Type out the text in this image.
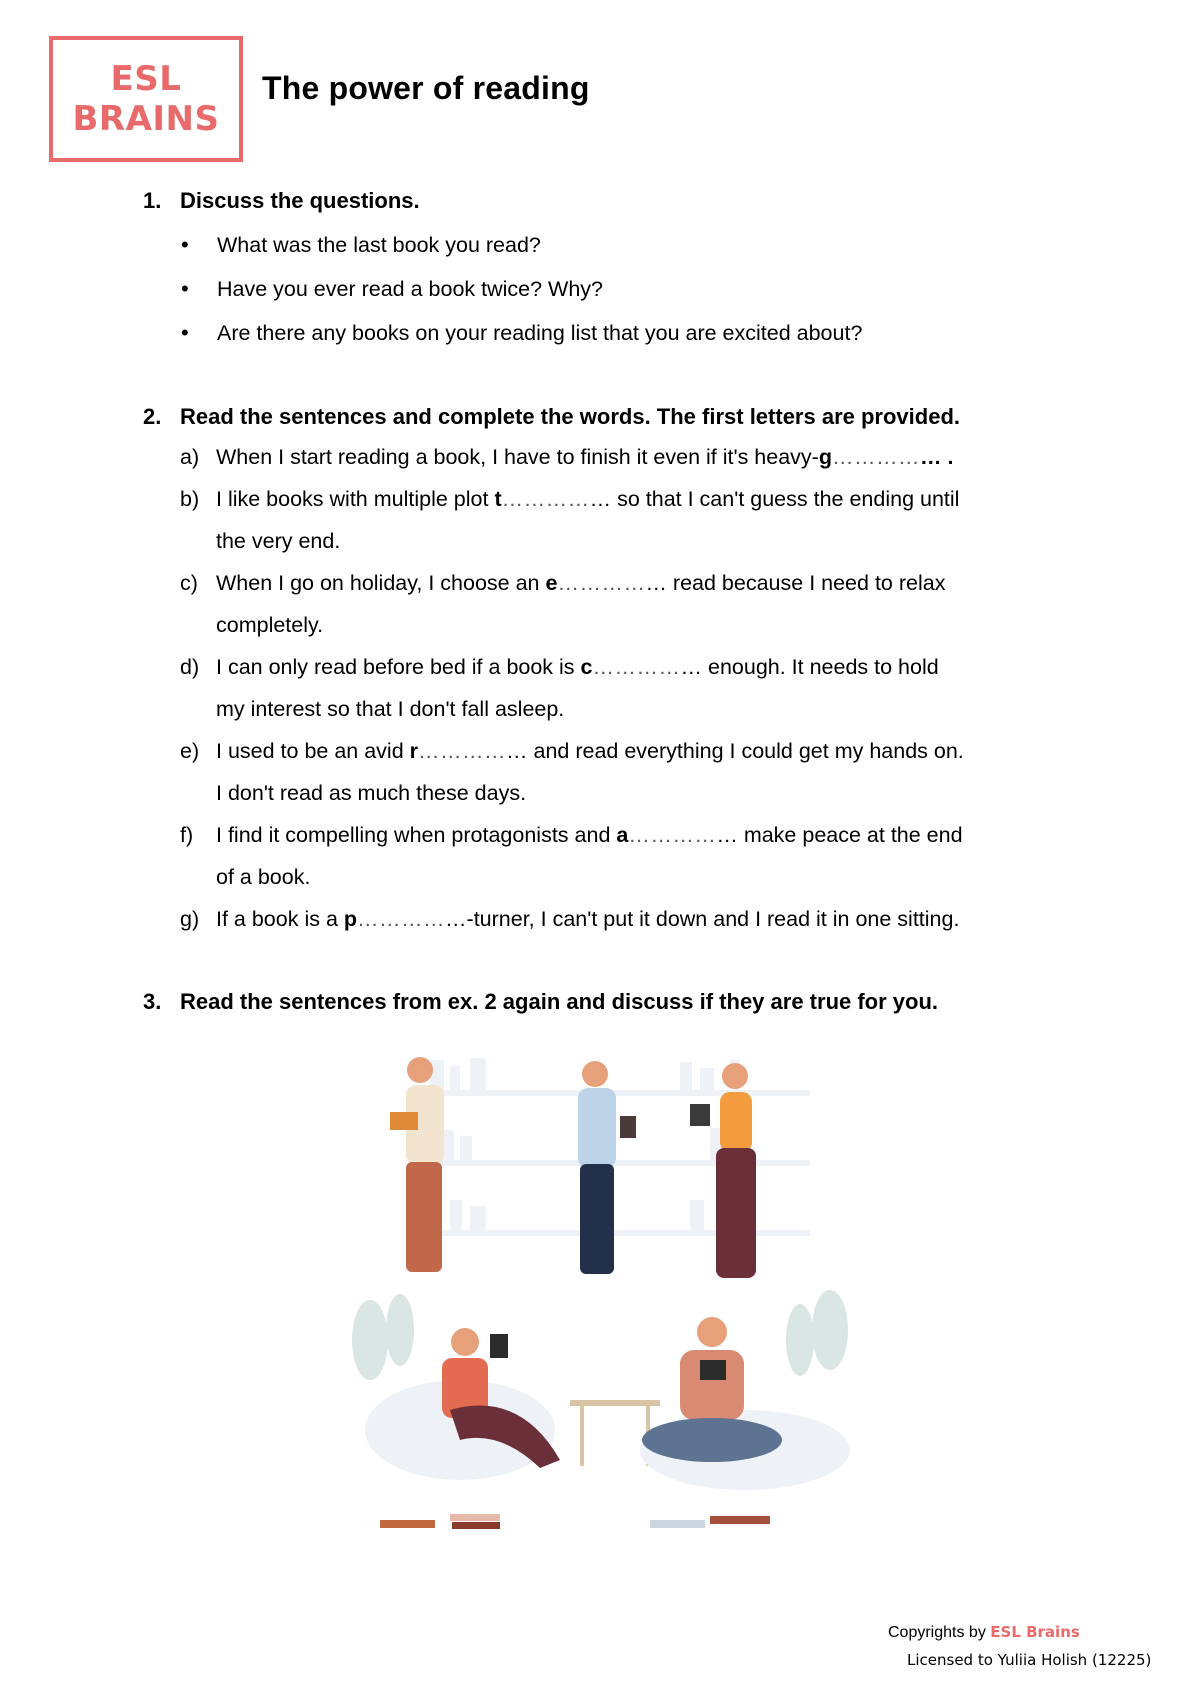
ESL
BRAINS
The power of reading
1. Discuss the questions.
• What was the last book you read?
• Have you ever read a book twice? Why?
• Are there any books on your reading list that you are excited about?
2. Read the sentences and complete the words. The first letters are provided.
a) When I start reading a book, I have to finish it even if it's heavy-g…………… .
b) I like books with multiple plot t…………… so that I can't guess the ending until
the very end.
c) When I go on holiday, I choose an e…………… read because I need to relax
completely.
d) I can only read before bed if a book is c…………… enough. It needs to hold
my interest so that I don't fall asleep.
e) I used to be an avid r…………… and read everything I could get my hands on.
I don't read as much these days.
f) I find it compelling when protagonists and a…………… make peace at the end
of a book.
g) If a book is a p……………-turner, I can't put it down and I read it in one sitting.
3. Read the sentences from ex. 2 again and discuss if they are true for you.
Copyrights by ESL Brains
Licensed to Yuliia Holish (12225)
